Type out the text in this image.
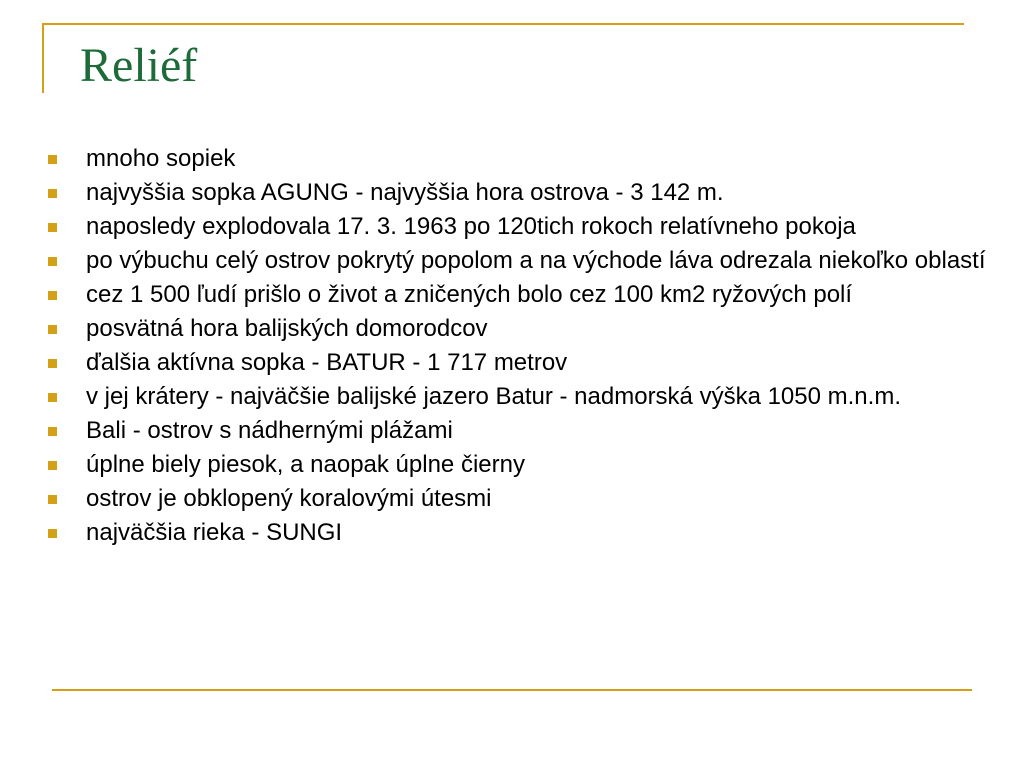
Reliéf
mnoho sopiek
najvyššia sopka AGUNG - najvyššia hora ostrova - 3 142 m.
naposledy explodovala 17. 3. 1963 po 120tich rokoch relatívneho pokoja
po výbuchu celý ostrov pokrytý popolom a na východe láva odrezala niekoľko oblastí
cez 1 500 ľudí prišlo o život a zničených bolo cez 100 km2 ryžových polí
posvätná hora balijských domorodcov
ďalšia aktívna sopka - BATUR - 1 717 metrov
v jej krátery - najväčšie balijské jazero Batur - nadmorská výška 1050 m.n.m.
Bali - ostrov s nádhernými plážami
úplne biely piesok, a naopak úplne čierny
ostrov je obklopený koralovými útesmi
najväčšia rieka - SUNGI
